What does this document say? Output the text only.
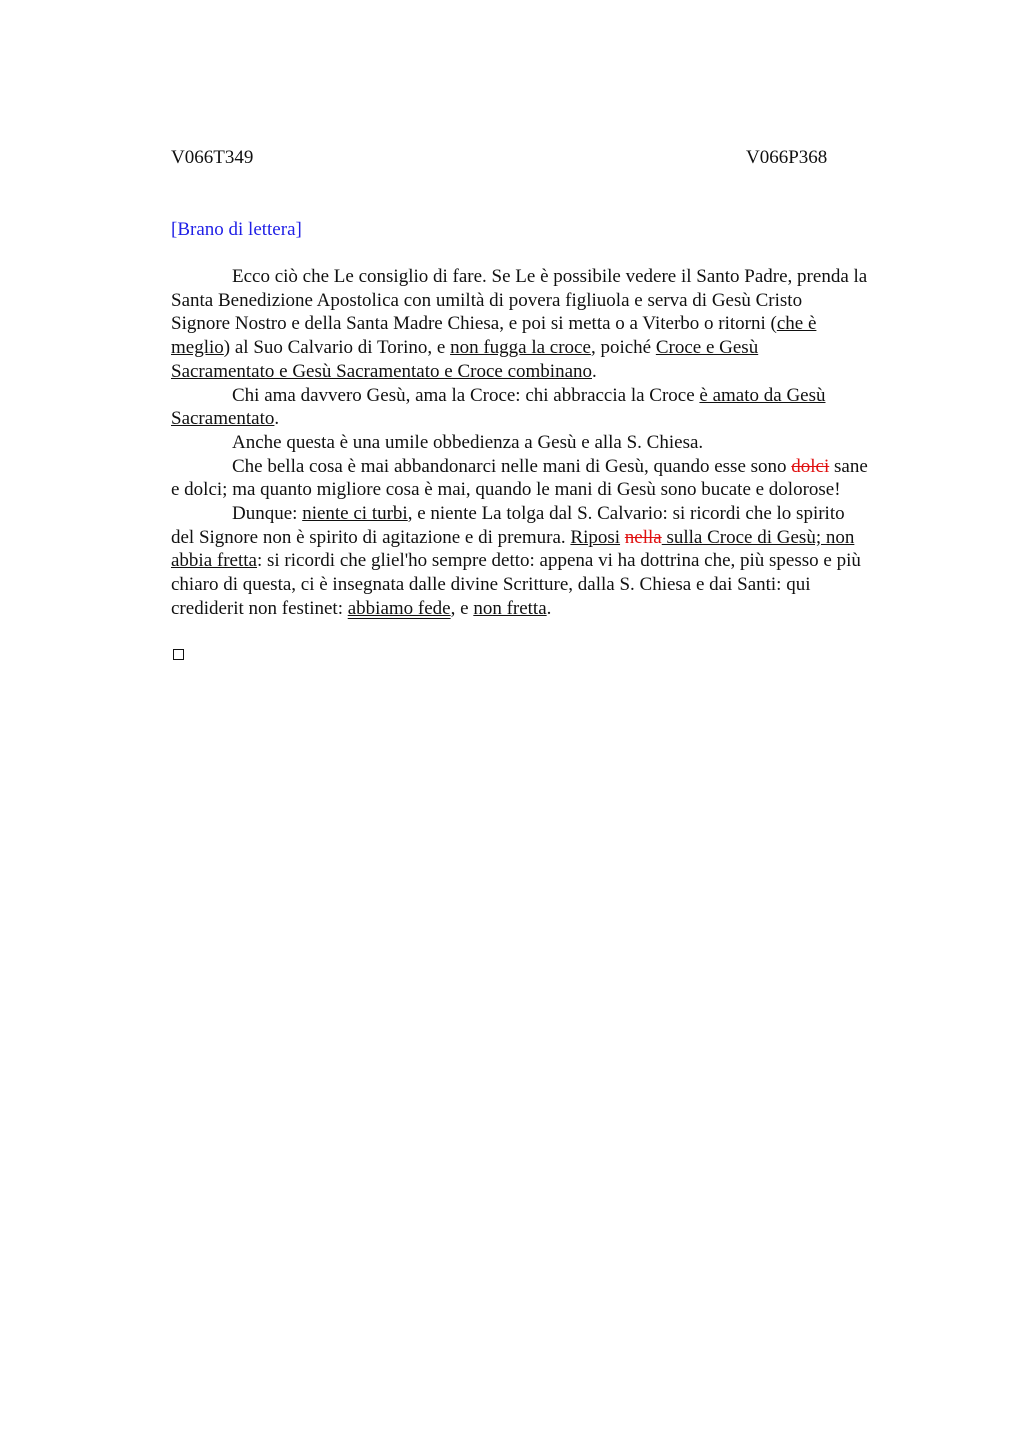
V066T349	V066P368
[Brano di lettera]

Ecco ciò che Le consiglio di fare. Se Le è possibile vedere il Santo Padre, prenda la
Santa Benedizione Apostolica con umiltà di povera figliuola e serva di Gesù Cristo
Signore Nostro e della Santa Madre Chiesa, e poi si metta o a Viterbo o ritorni (che è
meglio) al Suo Calvario di Torino, e non fugga la croce, poiché Croce e Gesù
Sacramentato e Gesù Sacramentato e Croce combinano.

Chi ama davvero Gesù, ama la Croce: chi abbraccia la Croce è amato da Gesù
Sacramentato.

Anche questa è una umile obbedienza a Gesù e alla S. Chiesa.

Che bella cosa è mai abbandonarci nelle mani di Gesù, quando esse sono dolci sane
e dolci; ma quanto migliore cosa è mai, quando le mani di Gesù sono bucate e dolorose!

Dunque: niente ci turbi, e niente La tolga dal S. Calvario: si ricordi che lo spirito
del Signore non è spirito di agitazione e di premura. Riposi nella sulla Croce di Gesù; non
abbia fretta: si ricordi che gliel'ho sempre detto: appena vi ha dottrina che, più spesso e più
chiaro di questa, ci è insegnata dalle divine Scritture, dalla S. Chiesa e dai Santi: qui
crediderit non festinet: abbiamo fede, e non fretta.
